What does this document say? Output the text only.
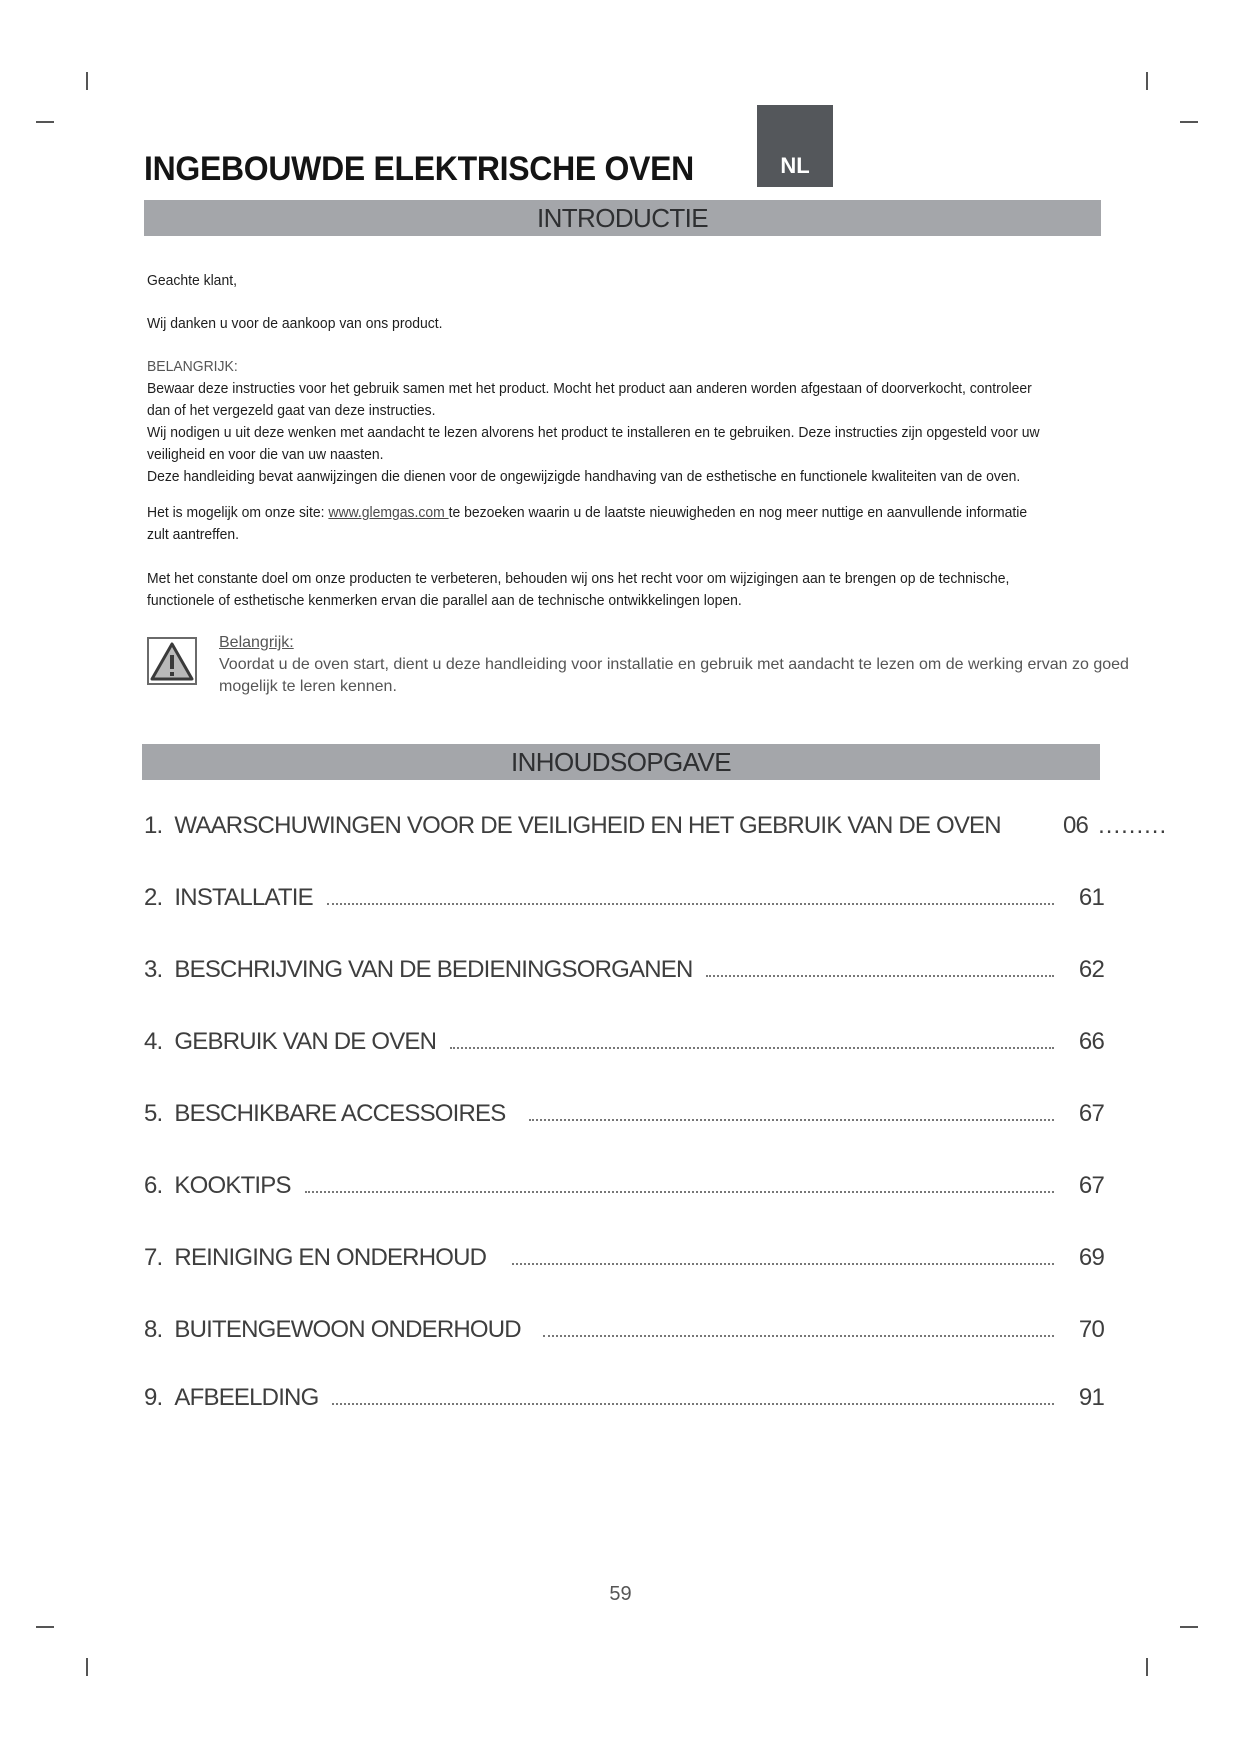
INGEBOUWDE ELEKTRISCHE OVEN	NL
INTRODUCTIE

Geachte klant,

Wij danken u voor de aankoop van ons product.

BELANGRIJK:

Bewaar deze instructies voor het gebruik samen met het product. Mocht het product aan anderen worden afgestaan of doorverkocht, controleer dan of het vergezeld gaat van deze instructies.

Wij nodigen u uit deze wenken met aandacht te lezen alvorens het product te installeren en te gebruiken. Deze instructies zijn opgesteld voor uw veiligheid en voor die van uw naasten.

Deze handleiding bevat aanwijzingen die dienen voor de ongewijzigde handhaving van de esthetische en functionele kwaliteiten van de oven.

Het is mogelijk om onze site: www.glemgas.com te bezoeken waarin u de laatste nieuwigheden en nog meer nuttige en aanvullende informatie zult aantreffen.

Met het constante doel om onze producten te verbeteren, behouden wij ons het recht voor om wijzigingen aan te brengen op de technische, functionele of esthetische kenmerken ervan die parallel aan de technische ontwikkelingen lopen.

Belangrijk:
Voordat u de oven start, dient u deze handleiding voor installatie en gebruik met aandacht te lezen om de werking ervan zo goed mogelijk te leren kennen.
INHOUDSOPGAVE
1. WAARSCHUWINGEN VOOR DE VEILIGHEID EN HET GEBRUIK VAN DE OVEN	06 .........
2. INSTALLATIE	61
3. BESCHRIJVING VAN DE BEDIENINGSORGANEN	62
4. GEBRUIK VAN DE OVEN	66
5. BESCHIKBARE ACCESSOIRES	67
6. KOOKTIPS	67
7. REINIGING EN ONDERHOUD	69
8. BUITENGEWOON ONDERHOUD	70
9. AFBEELDING	91
59
